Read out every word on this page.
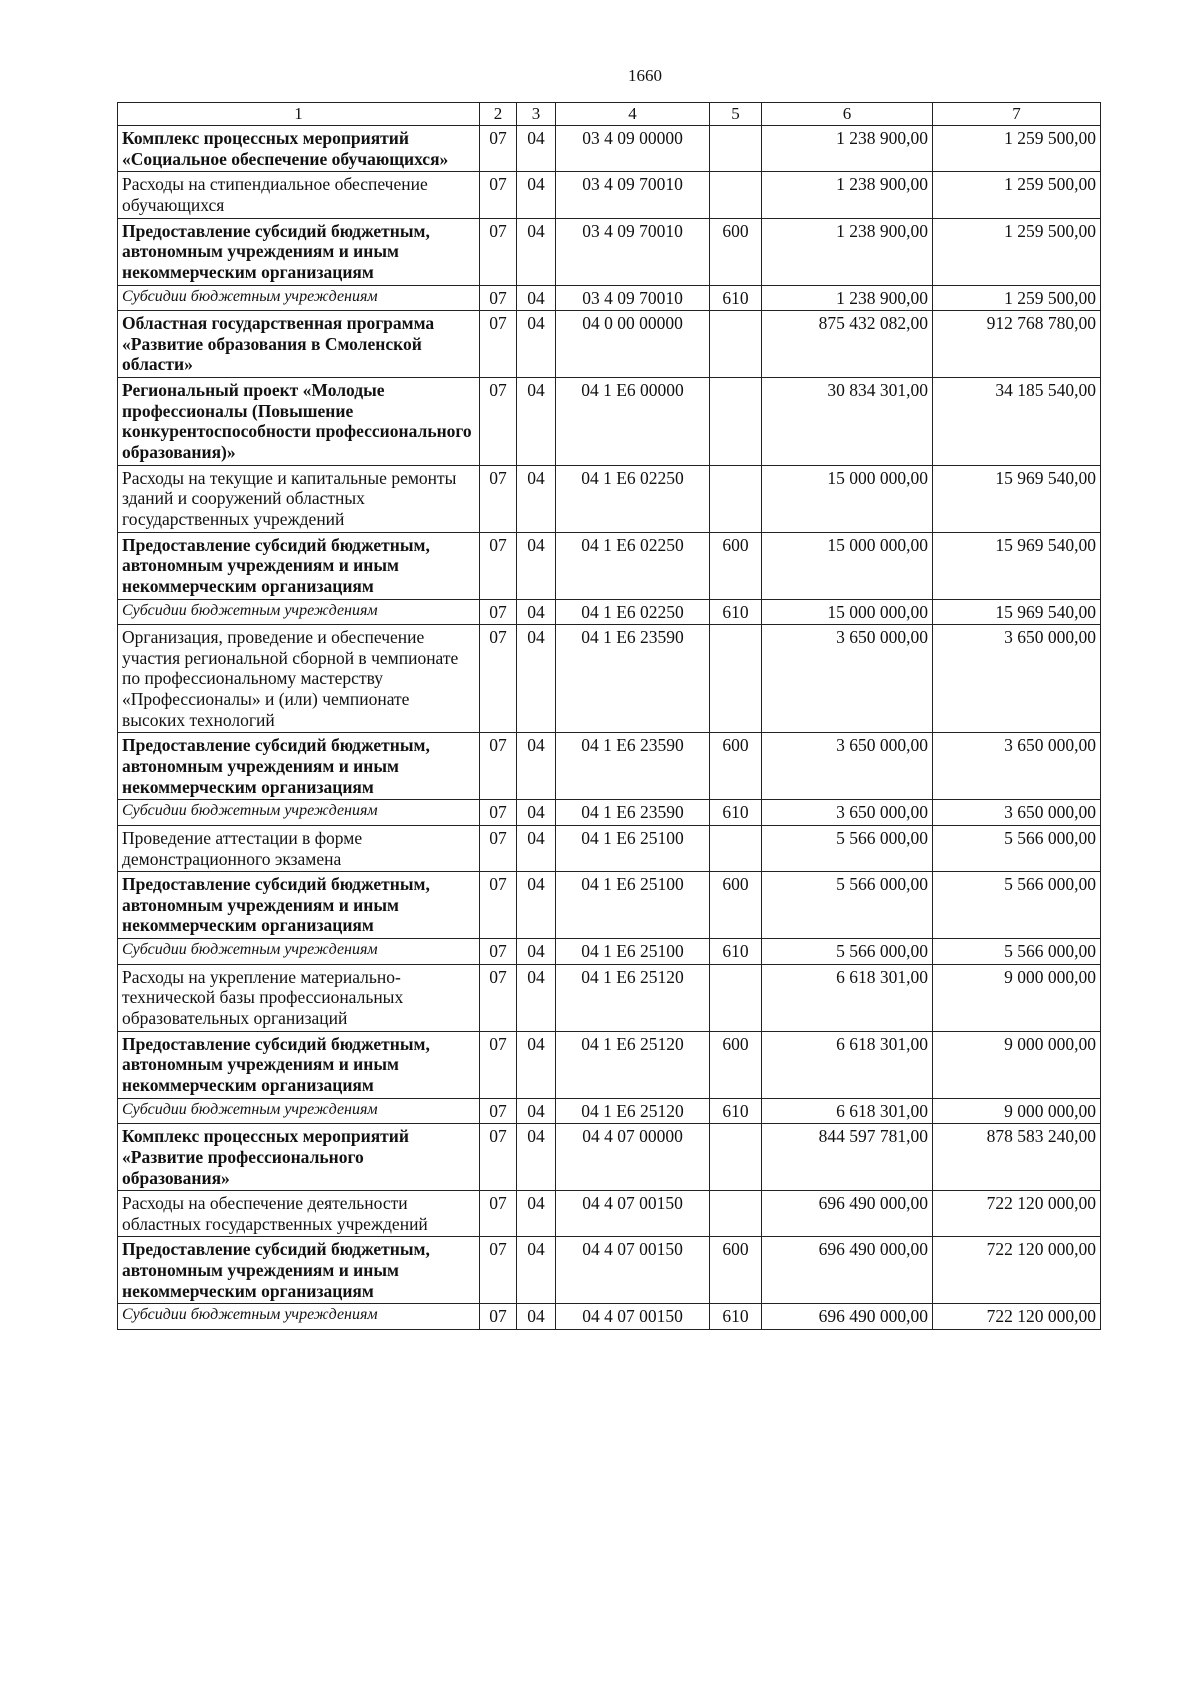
1660
1	2	3	4	5	6	7
Комплекс процессных мероприятий «Социальное обеспечение обучающихся»	07	04	03 4 09 00000		1 238 900,00	1 259 500,00
Расходы на стипендиальное обеспечение обучающихся	07	04	03 4 09 70010		1 238 900,00	1 259 500,00
Предоставление субсидий бюджетным, автономным учреждениям и иным некоммерческим организациям	07	04	03 4 09 70010	600	1 238 900,00	1 259 500,00
Субсидии бюджетным учреждениям	07	04	03 4 09 70010	610	1 238 900,00	1 259 500,00
Областная государственная программа «Развитие образования в Смоленской области»	07	04	04 0 00 00000		875 432 082,00	912 768 780,00
Региональный проект «Молодые профессионалы (Повышение конкурентоспособности профессионального образования)»	07	04	04 1 Е6 00000		30 834 301,00	34 185 540,00
Расходы на текущие и капитальные ремонты зданий и сооружений областных государственных учреждений	07	04	04 1 Е6 02250		15 000 000,00	15 969 540,00
Предоставление субсидий бюджетным, автономным учреждениям и иным некоммерческим организациям	07	04	04 1 Е6 02250	600	15 000 000,00	15 969 540,00
Субсидии бюджетным учреждениям	07	04	04 1 Е6 02250	610	15 000 000,00	15 969 540,00
Организация, проведение и обеспечение участия региональной сборной в чемпионате по профессиональному мастерству «Профессионалы» и (или) чемпионате высоких технологий	07	04	04 1 Е6 23590		3 650 000,00	3 650 000,00
Предоставление субсидий бюджетным, автономным учреждениям и иным некоммерческим организациям	07	04	04 1 Е6 23590	600	3 650 000,00	3 650 000,00
Субсидии бюджетным учреждениям	07	04	04 1 Е6 23590	610	3 650 000,00	3 650 000,00
Проведение аттестации в форме демонстрационного экзамена	07	04	04 1 Е6 25100		5 566 000,00	5 566 000,00
Предоставление субсидий бюджетным, автономным учреждениям и иным некоммерческим организациям	07	04	04 1 Е6 25100	600	5 566 000,00	5 566 000,00
Субсидии бюджетным учреждениям	07	04	04 1 Е6 25100	610	5 566 000,00	5 566 000,00
Расходы на укрепление материально-технической базы профессиональных образовательных организаций	07	04	04 1 Е6 25120		6 618 301,00	9 000 000,00
Предоставление субсидий бюджетным, автономным учреждениям и иным некоммерческим организациям	07	04	04 1 Е6 25120	600	6 618 301,00	9 000 000,00
Субсидии бюджетным учреждениям	07	04	04 1 Е6 25120	610	6 618 301,00	9 000 000,00
Комплекс процессных мероприятий «Развитие профессионального образования»	07	04	04 4 07 00000		844 597 781,00	878 583 240,00
Расходы на обеспечение деятельности областных государственных учреждений	07	04	04 4 07 00150		696 490 000,00	722 120 000,00
Предоставление субсидий бюджетным, автономным учреждениям и иным некоммерческим организациям	07	04	04 4 07 00150	600	696 490 000,00	722 120 000,00
Субсидии бюджетным учреждениям	07	04	04 4 07 00150	610	696 490 000,00	722 120 000,00
